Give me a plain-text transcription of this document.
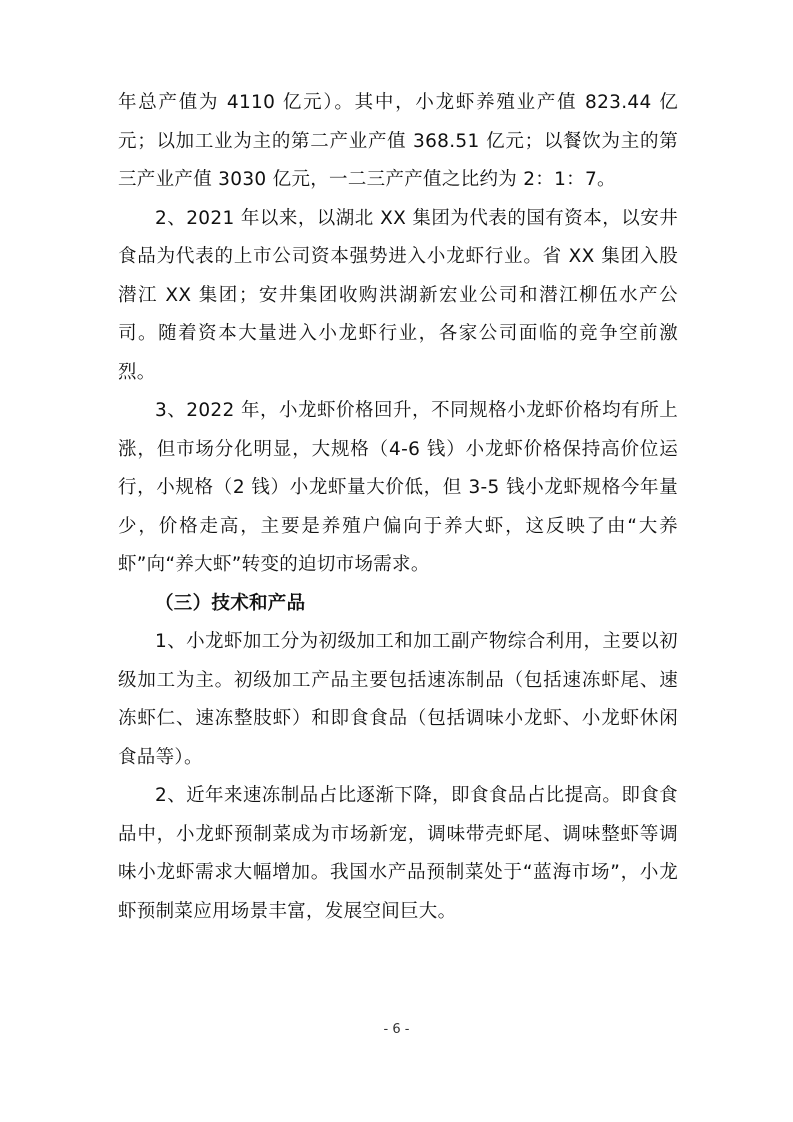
年总产值为 4110 亿元）。其中，小龙虾养殖业产值 823.44 亿元；以加工业为主的第二产业产值 368.51 亿元；以餐饮为主的第三产业产值 3030 亿元，一二三产产值之比约为 2：1：7。

2、2021 年以来，以湖北 XX 集团为代表的国有资本，以安井食品为代表的上市公司资本强势进入小龙虾行业。省 XX 集团入股潜江 XX 集团；安井集团收购洪湖新宏业公司和潜江柳伍水产公司。随着资本大量进入小龙虾行业，各家公司面临的竞争空前激烈。

3、2022 年，小龙虾价格回升，不同规格小龙虾价格均有所上涨，但市场分化明显，大规格（4-6 钱）小龙虾价格保持高价位运行，小规格（2 钱）小龙虾量大价低，但 3-5 钱小龙虾规格今年量少，价格走高，主要是养殖户偏向于养大虾，这反映了由“大养虾”向“养大虾”转变的迫切市场需求。

（三）技术和产品

1、小龙虾加工分为初级加工和加工副产物综合利用，主要以初级加工为主。初级加工产品主要包括速冻制品（包括速冻虾尾、速冻虾仁、速冻整肢虾）和即食食品（包括调味小龙虾、小龙虾休闲食品等）。

2、近年来速冻制品占比逐渐下降，即食食品占比提高。即食食品中，小龙虾预制菜成为市场新宠，调味带壳虾尾、调味整虾等调味小龙虾需求大幅增加。我国水产品预制菜处于“蓝海市场”，小龙虾预制菜应用场景丰富，发展空间巨大。

- 6 -
